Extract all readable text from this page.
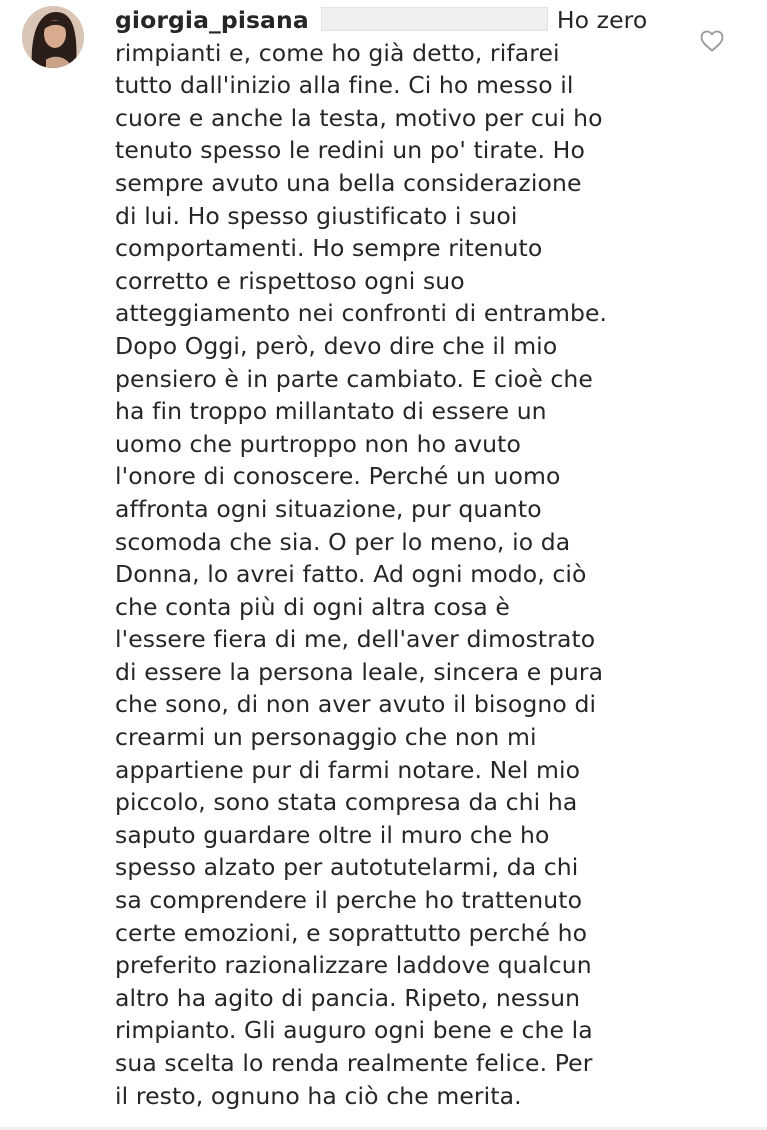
giorgia_pisana	Ho zero
rimpianti e, come ho già detto, rifarei
tutto dall'inizio alla fine. Ci ho messo il
cuore e anche la testa, motivo per cui ho
tenuto spesso le redini un po' tirate. Ho
sempre avuto una bella considerazione
di lui. Ho spesso giustificato i suoi
comportamenti. Ho sempre ritenuto
corretto e rispettoso ogni suo
atteggiamento nei confronti di entrambe.
Dopo Oggi, però, devo dire che il mio
pensiero è in parte cambiato. E cioè che
ha fin troppo millantato di essere un
uomo che purtroppo non ho avuto
l'onore di conoscere. Perché un uomo
affronta ogni situazione, pur quanto
scomoda che sia. O per lo meno, io da
Donna, lo avrei fatto. Ad ogni modo, ciò
che conta più di ogni altra cosa è
l'essere fiera di me, dell'aver dimostrato
di essere la persona leale, sincera e pura
che sono, di non aver avuto il bisogno di
crearmi un personaggio che non mi
appartiene pur di farmi notare. Nel mio
piccolo, sono stata compresa da chi ha
saputo guardare oltre il muro che ho
spesso alzato per autotutelarmi, da chi
sa comprendere il perche ho trattenuto
certe emozioni, e soprattutto perché ho
preferito razionalizzare laddove qualcun
altro ha agito di pancia. Ripeto, nessun
rimpianto. Gli auguro ogni bene e che la
sua scelta lo renda realmente felice. Per
il resto, ognuno ha ciò che merita.
